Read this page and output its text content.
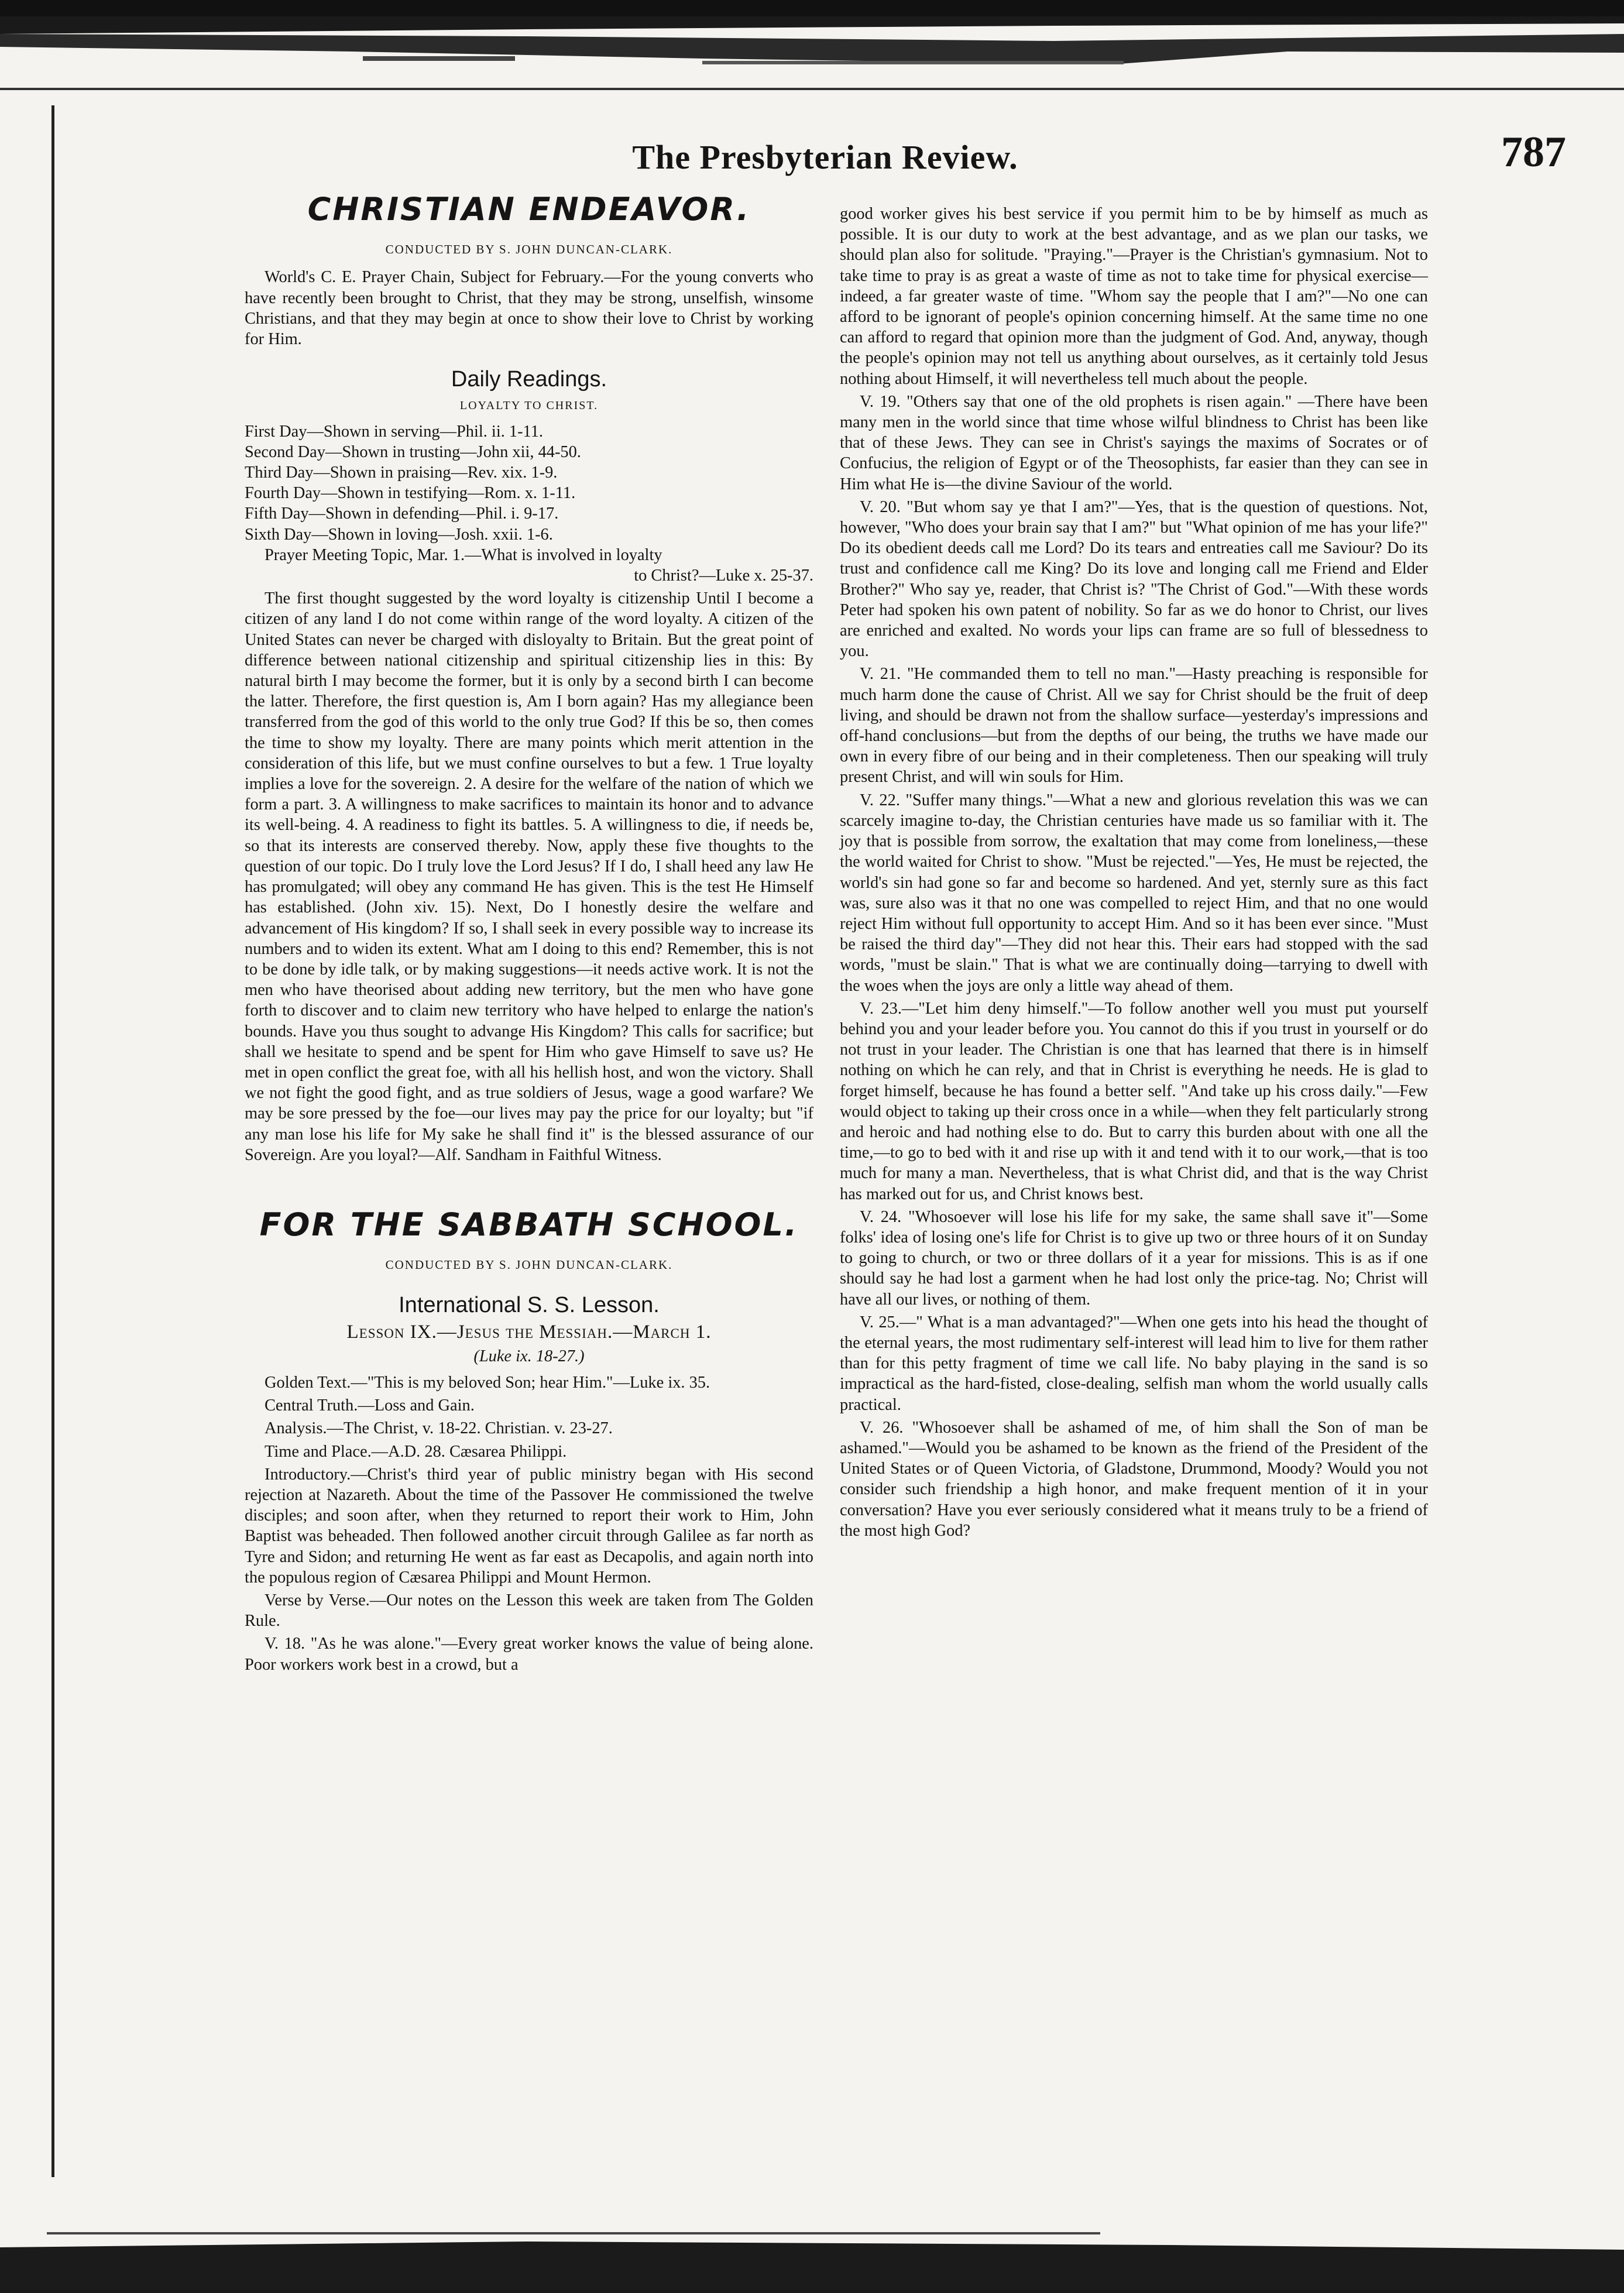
The Presbyterian Review.	787
CHRISTIAN ENDEAVOR.
CONDUCTED BY S. JOHN DUNCAN-CLARK.

World's C. E. Prayer Chain, Subject for February.—For the young converts who have recently been brought to Christ, that they may be strong, unselfish, winsome Christians, and that they may begin at once to show their love to Christ by working for Him.

Daily Readings.
LOYALTY TO CHRIST.
First Day—Shown in serving—Phil. ii. 1-11.
Second Day—Shown in trusting—John xii, 44-50.
Third Day—Shown in praising—Rev. xix. 1-9.
Fourth Day—Shown in testifying—Rom. x. 1-11.
Fifth Day—Shown in defending—Phil. i. 9-17.
Sixth Day—Shown in loving—Josh. xxii. 1-6.

Prayer Meeting Topic, Mar. 1.—What is involved in loyalty
to Christ?—Luke x. 25-37.

The first thought suggested by the word loyalty is citizenship Until I become a citizen of any land I do not come within range of the word loyalty. A citizen of the United States can never be charged with disloyalty to Britain. But the great point of difference between national citizenship and spiritual citizenship lies in this: By natural birth I may become the former, but it is only by a second birth I can become the latter. Therefore, the first question is, Am I born again? Has my allegiance been transferred from the god of this world to the only true God? If this be so, then comes the time to show my loyalty. There are many points which merit attention in the consideration of this life, but we must confine ourselves to but a few. 1 True loyalty implies a love for the sovereign. 2. A desire for the welfare of the nation of which we form a part. 3. A willingness to make sacrifices to maintain its honor and to advance its well-being. 4. A readiness to fight its battles. 5. A willingness to die, if needs be, so that its interests are conserved thereby. Now, apply these five thoughts to the question of our topic. Do I truly love the Lord Jesus? If I do, I shall heed any law He has promulgated; will obey any command He has given. This is the test He Himself has established. (John xiv. 15). Next, Do I honestly desire the welfare and advancement of His kingdom? If so, I shall seek in every possible way to increase its numbers and to widen its extent. What am I doing to this end? Remember, this is not to be done by idle talk, or by making suggestions—it needs active work. It is not the men who have theorised about adding new territory, but the men who have gone forth to discover and to claim new territory who have helped to enlarge the nation's bounds. Have you thus sought to advange His Kingdom? This calls for sacrifice; but shall we hesitate to spend and be spent for Him who gave Himself to save us? He met in open conflict the great foe, with all his hellish host, and won the victory. Shall we not fight the good fight, and as true soldiers of Jesus, wage a good warfare? We may be sore pressed by the foe—our lives may pay the price for our loyalty; but "if any man lose his life for My sake he shall find it" is the blessed assurance of our Sovereign. Are you loyal?—Alf. Sandham in Faithful Witness.

FOR THE SABBATH SCHOOL.
CONDUCTED BY S. JOHN DUNCAN-CLARK.
International S. S. Lesson.
Lesson IX.—Jesus the Messiah.—March 1.
(Luke ix. 18-27.)

Golden Text.—"This is my beloved Son; hear Him."—Luke ix. 35.

Central Truth.—Loss and Gain.

Analysis.—The Christ, v. 18-22. Christian. v. 23-27.

Time and Place.—A.D. 28. Cæsarea Philippi.

Introductory.—Christ's third year of public ministry began with His second rejection at Nazareth. About the time of the Passover He commissioned the twelve disciples; and soon after, when they returned to report their work to Him, John Baptist was beheaded. Then followed another circuit through Galilee as far north as Tyre and Sidon; and returning He went as far east as Decapolis, and again north into the populous region of Cæsarea Philippi and Mount Hermon.

Verse by Verse.—Our notes on the Lesson this week are taken from The Golden Rule.

V. 18. "As he was alone."—Every great worker knows the value of being alone. Poor workers work best in a crowd, but a

good worker gives his best service if you permit him to be by himself as much as possible. It is our duty to work at the best advantage, and as we plan our tasks, we should plan also for solitude. "Praying."—Prayer is the Christian's gymnasium. Not to take time to pray is as great a waste of time as not to take time for physical exercise—indeed, a far greater waste of time. "Whom say the people that I am?"—No one can afford to be ignorant of people's opinion concerning himself. At the same time no one can afford to regard that opinion more than the judgment of God. And, anyway, though the people's opinion may not tell us anything about ourselves, as it certainly told Jesus nothing about Himself, it will nevertheless tell much about the people.

V. 19. "Others say that one of the old prophets is risen again." —There have been many men in the world since that time whose wilful blindness to Christ has been like that of these Jews. They can see in Christ's sayings the maxims of Socrates or of Confucius, the religion of Egypt or of the Theosophists, far easier than they can see in Him what He is—the divine Saviour of the world.

V. 20. "But whom say ye that I am?"—Yes, that is the question of questions. Not, however, "Who does your brain say that I am?" but "What opinion of me has your life?" Do its obedient deeds call me Lord? Do its tears and entreaties call me Saviour? Do its trust and confidence call me King? Do its love and longing call me Friend and Elder Brother?" Who say ye, reader, that Christ is? "The Christ of God."—With these words Peter had spoken his own patent of nobility. So far as we do honor to Christ, our lives are enriched and exalted. No words your lips can frame are so full of blessedness to you.

V. 21. "He commanded them to tell no man."—Hasty preaching is responsible for much harm done the cause of Christ. All we say for Christ should be the fruit of deep living, and should be drawn not from the shallow surface—yesterday's impressions and off-hand conclusions—but from the depths of our being, the truths we have made our own in every fibre of our being and in their completeness. Then our speaking will truly present Christ, and will win souls for Him.

V. 22. "Suffer many things."—What a new and glorious revelation this was we can scarcely imagine to-day, the Christian centuries have made us so familiar with it. The joy that is possible from sorrow, the exaltation that may come from loneliness,—these the world waited for Christ to show. "Must be rejected."—Yes, He must be rejected, the world's sin had gone so far and become so hardened. And yet, sternly sure as this fact was, sure also was it that no one was compelled to reject Him, and that no one would reject Him without full opportunity to accept Him. And so it has been ever since. "Must be raised the third day"—They did not hear this. Their ears had stopped with the sad words, "must be slain." That is what we are continually doing—tarrying to dwell with the woes when the joys are only a little way ahead of them.

V. 23.—"Let him deny himself."—To follow another well you must put yourself behind you and your leader before you. You cannot do this if you trust in yourself or do not trust in your leader. The Christian is one that has learned that there is in himself nothing on which he can rely, and that in Christ is everything he needs. He is glad to forget himself, because he has found a better self. "And take up his cross daily."—Few would object to taking up their cross once in a while—when they felt particularly strong and heroic and had nothing else to do. But to carry this burden about with one all the time,—to go to bed with it and rise up with it and tend with it to our work,—that is too much for many a man. Nevertheless, that is what Christ did, and that is the way Christ has marked out for us, and Christ knows best.

V. 24. "Whosoever will lose his life for my sake, the same shall save it"—Some folks' idea of losing one's life for Christ is to give up two or three hours of it on Sunday to going to church, or two or three dollars of it a year for missions. This is as if one should say he had lost a garment when he had lost only the price-tag. No; Christ will have all our lives, or nothing of them.

V. 25.—" What is a man advantaged?"—When one gets into his head the thought of the eternal years, the most rudimentary self-interest will lead him to live for them rather than for this petty fragment of time we call life. No baby playing in the sand is so impractical as the hard-fisted, close-dealing, selfish man whom the world usually calls practical.

V. 26. "Whosoever shall be ashamed of me, of him shall the Son of man be ashamed."—Would you be ashamed to be known as the friend of the President of the United States or of Queen Victoria, of Gladstone, Drummond, Moody? Would you not consider such friendship a high honor, and make frequent mention of it in your conversation? Have you ever seriously considered what it means truly to be a friend of the most high God?
